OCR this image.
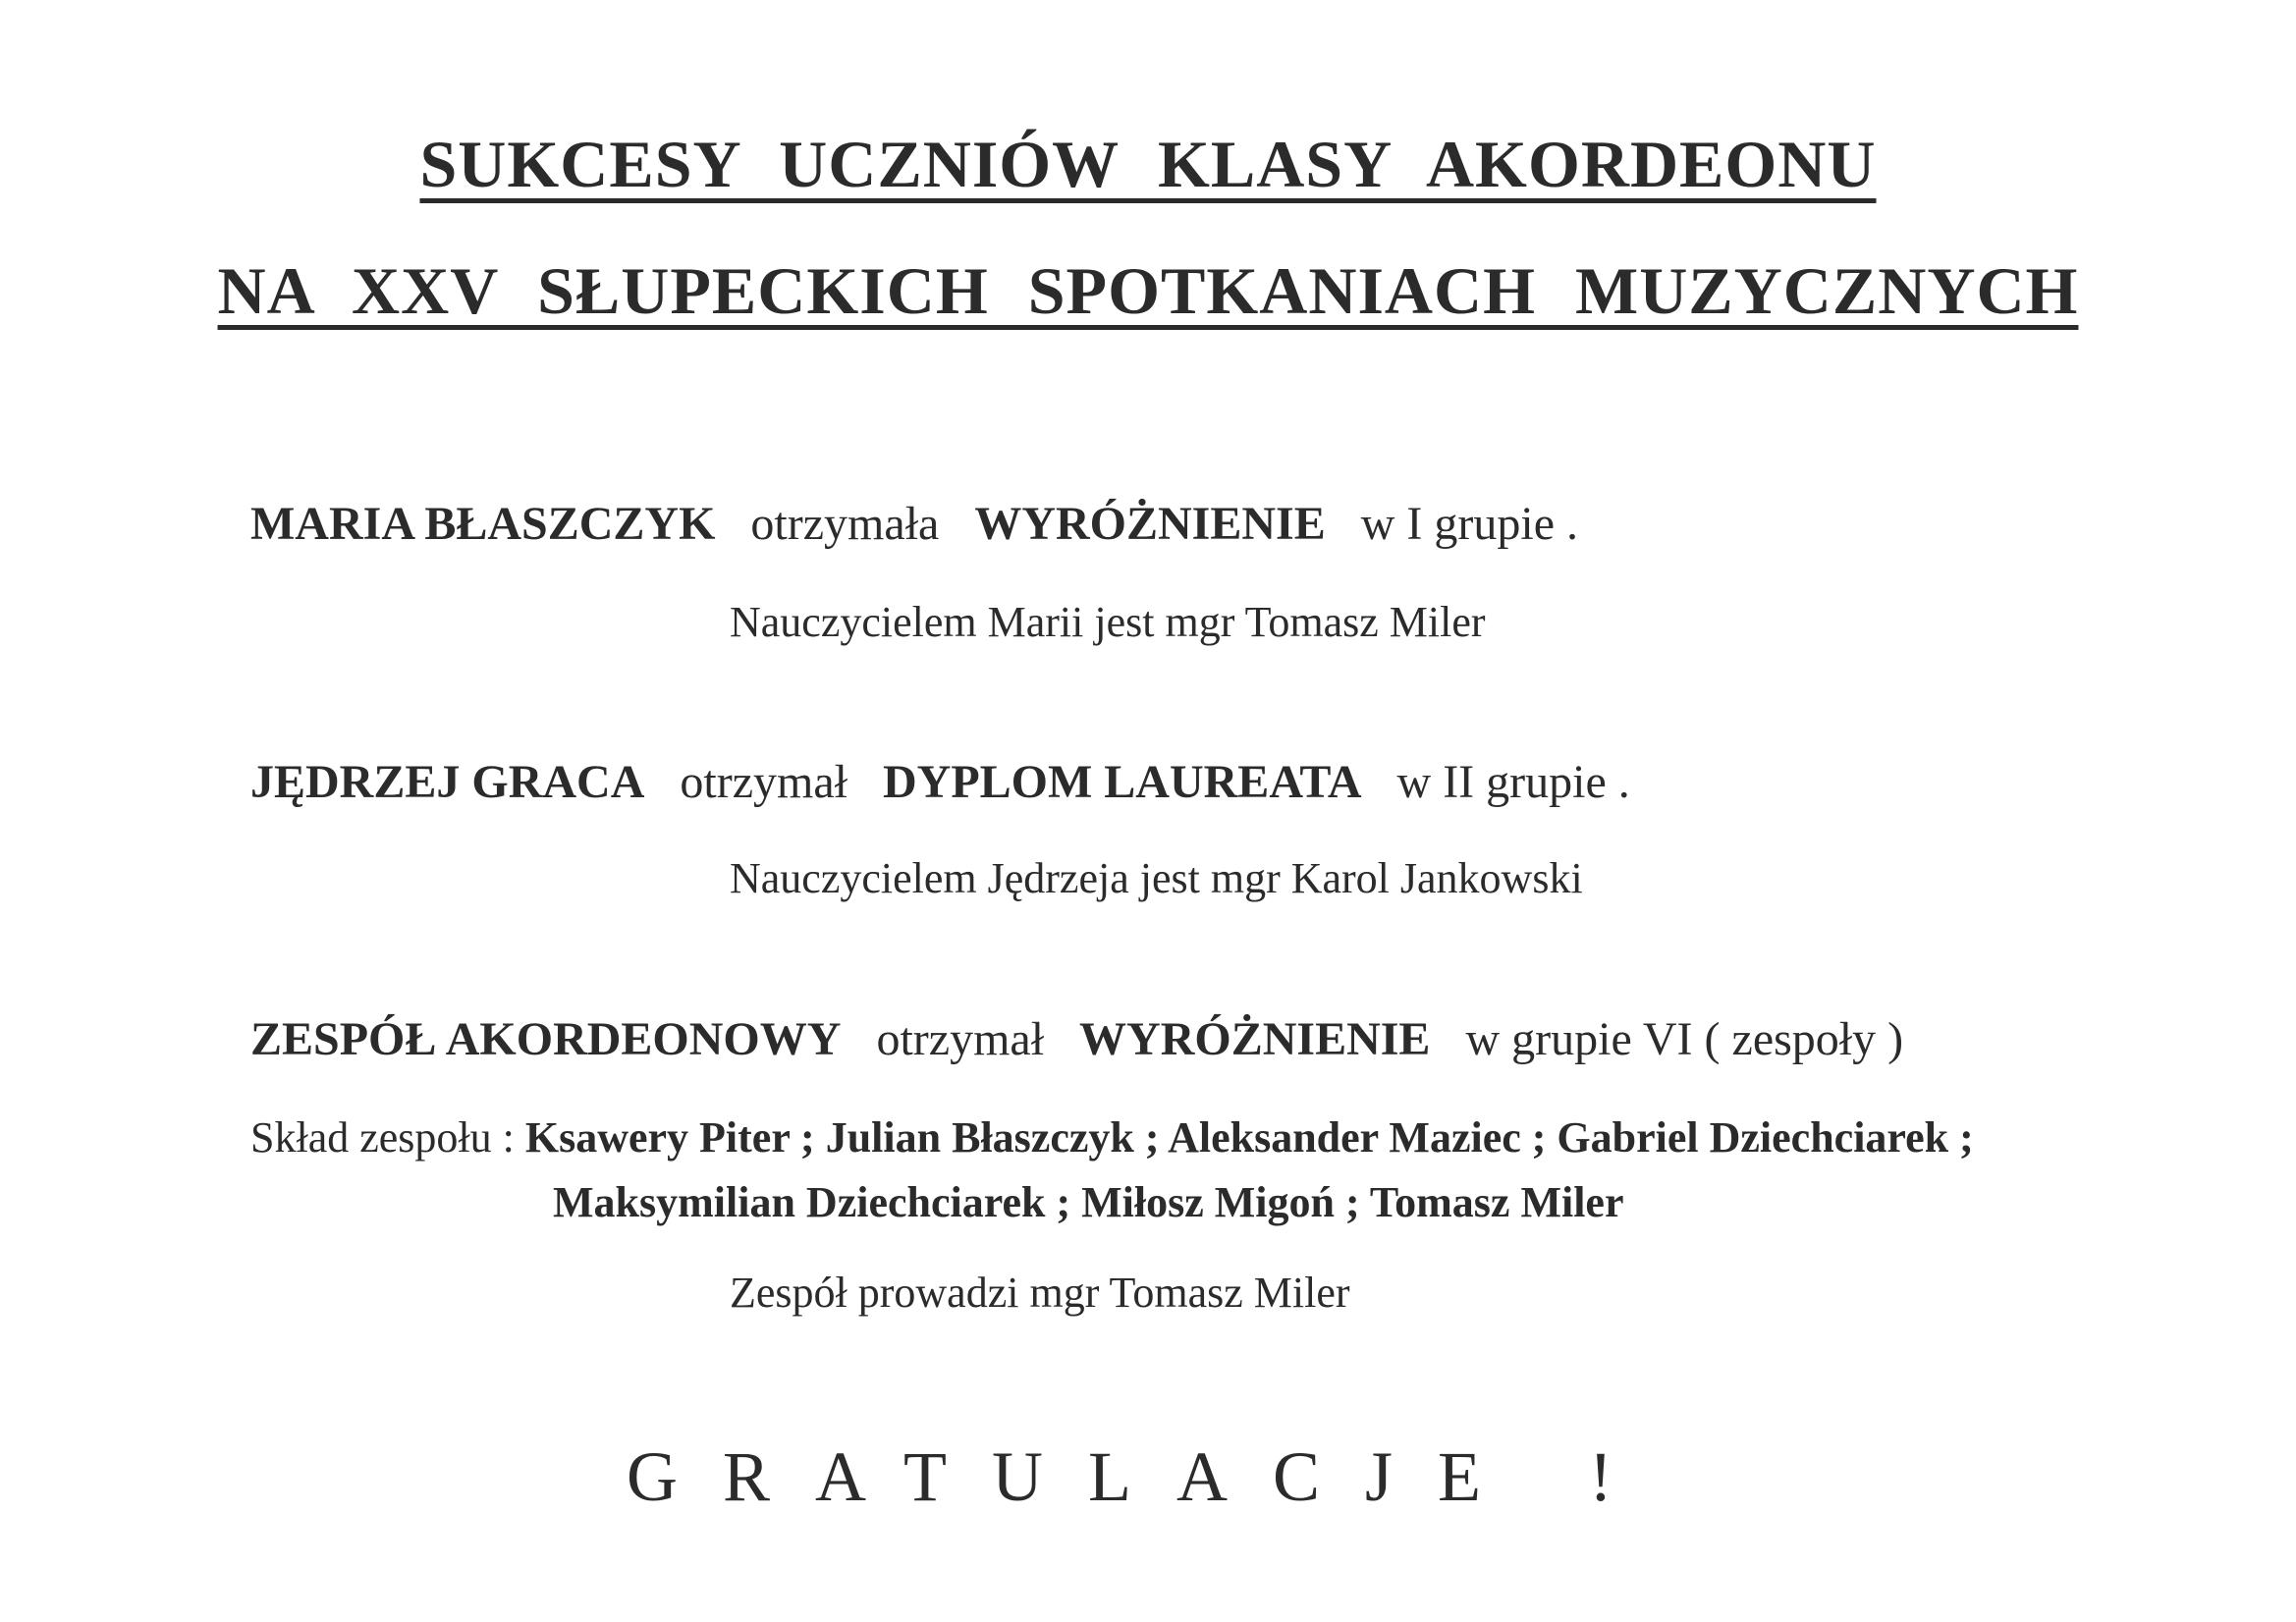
SUKCESY UCZNIÓW KLASY AKORDEONU
NA XXV SŁUPECKICH SPOTKANIACH MUZYCZNYCH

MARIA BŁASZCZYK otrzymała WYRÓŻNIENIE w I grupie .

Nauczycielem Marii jest mgr Tomasz Miler

JĘDRZEJ GRACA otrzymał DYPLOM LAUREATA w II grupie .

Nauczycielem Jędrzeja jest mgr Karol Jankowski

ZESPÓŁ AKORDEONOWY otrzymał WYRÓŻNIENIE w grupie VI ( zespoły )

Skład zespołu : Ksawery Piter ; Julian Błaszczyk ; Aleksander Maziec ; Gabriel Dziechciarek ;

Maksymilian Dziechciarek ; Miłosz Migoń ; Tomasz Miler

Zespół prowadzi mgr Tomasz Miler

GRATULACJE !
